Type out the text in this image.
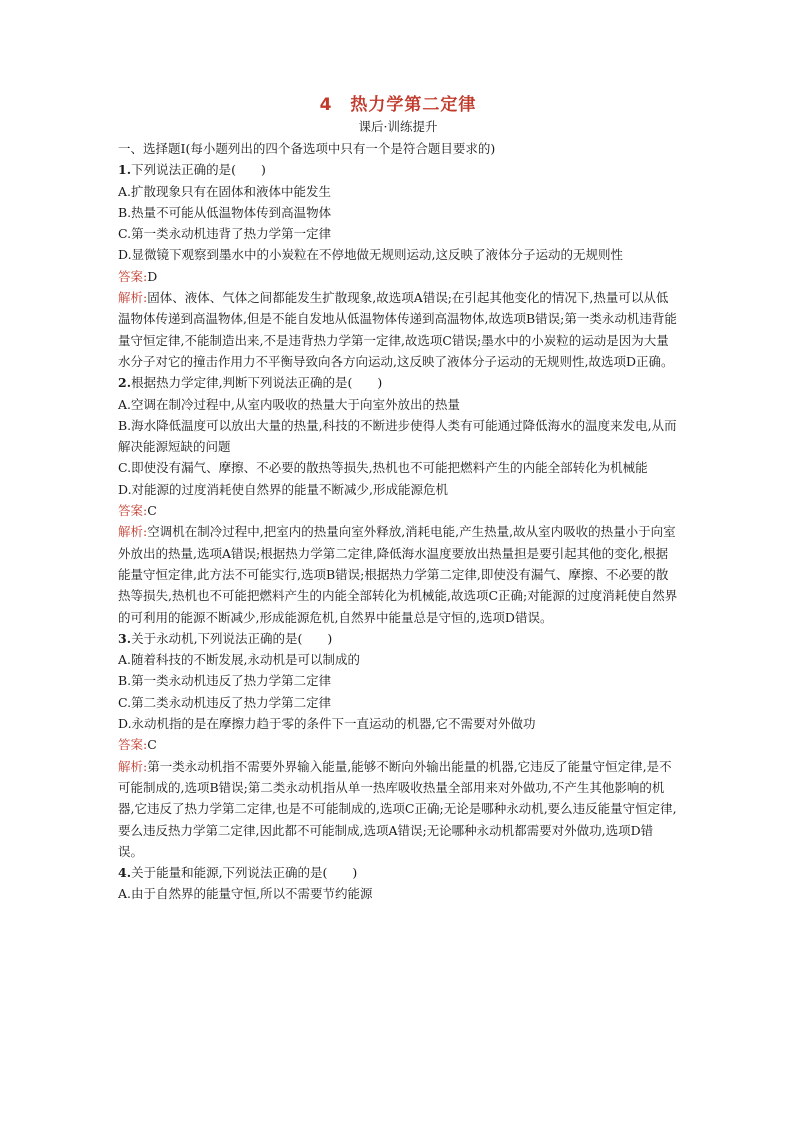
4　热力学第二定律
课后·训练提升

一、选择题Ⅰ(每小题列出的四个备选项中只有一个是符合题目要求的)

1.下列说法正确的是(　　)

A.扩散现象只有在固体和液体中能发生

B.热量不可能从低温物体传到高温物体

C.第一类永动机违背了热力学第一定律

D.显微镜下观察到墨水中的小炭粒在不停地做无规则运动,这反映了液体分子运动的无规则性

答案:D

解析:固体、液体、气体之间都能发生扩散现象,故选项A错误;在引起其他变化的情况下,热量可以从低温物体传递到高温物体,但是不能自发地从低温物体传递到高温物体,故选项B错误;第一类永动机违背能量守恒定律,不能制造出来,不是违背热力学第一定律,故选项C错误;墨水中的小炭粒的运动是因为大量水分子对它的撞击作用力不平衡导致向各方向运动,这反映了液体分子运动的无规则性,故选项D正确。

2.根据热力学定律,判断下列说法正确的是(　　)

A.空调在制冷过程中,从室内吸收的热量大于向室外放出的热量

B.海水降低温度可以放出大量的热量,科技的不断进步使得人类有可能通过降低海水的温度来发电,从而解决能源短缺的问题

C.即使没有漏气、摩擦、不必要的散热等损失,热机也不可能把燃料产生的内能全部转化为机械能

D.对能源的过度消耗使自然界的能量不断减少,形成能源危机

答案:C

解析:空调机在制冷过程中,把室内的热量向室外释放,消耗电能,产生热量,故从室内吸收的热量小于向室外放出的热量,选项A错误;根据热力学第二定律,降低海水温度要放出热量担是要引起其他的变化,根据能量守恒定律,此方法不可能实行,选项B错误;根据热力学第二定律,即使没有漏气、摩擦、不必要的散热等损失,热机也不可能把燃料产生的内能全部转化为机械能,故选项C正确;对能源的过度消耗使自然界的可利用的能源不断减少,形成能源危机,自然界中能量总是守恒的,选项D错误。

3.关于永动机,下列说法正确的是(　　)

A.随着科技的不断发展,永动机是可以制成的

B.第一类永动机违反了热力学第二定律

C.第二类永动机违反了热力学第二定律

D.永动机指的是在摩擦力趋于零的条件下一直运动的机器,它不需要对外做功

答案:C

解析:第一类永动机指不需要外界输入能量,能够不断向外输出能量的机器,它违反了能量守恒定律,是不可能制成的,选项B错误;第二类永动机指从单一热库吸收热量全部用来对外做功,不产生其他影响的机器,它违反了热力学第二定律,也是不可能制成的,选项C正确;无论是哪种永动机,要么违反能量守恒定律,要么违反热力学第二定律,因此都不可能制成,选项A错误;无论哪种永动机都需要对外做功,选项D错误。

4.关于能量和能源,下列说法正确的是(　　)

A.由于自然界的能量守恒,所以不需要节约能源
